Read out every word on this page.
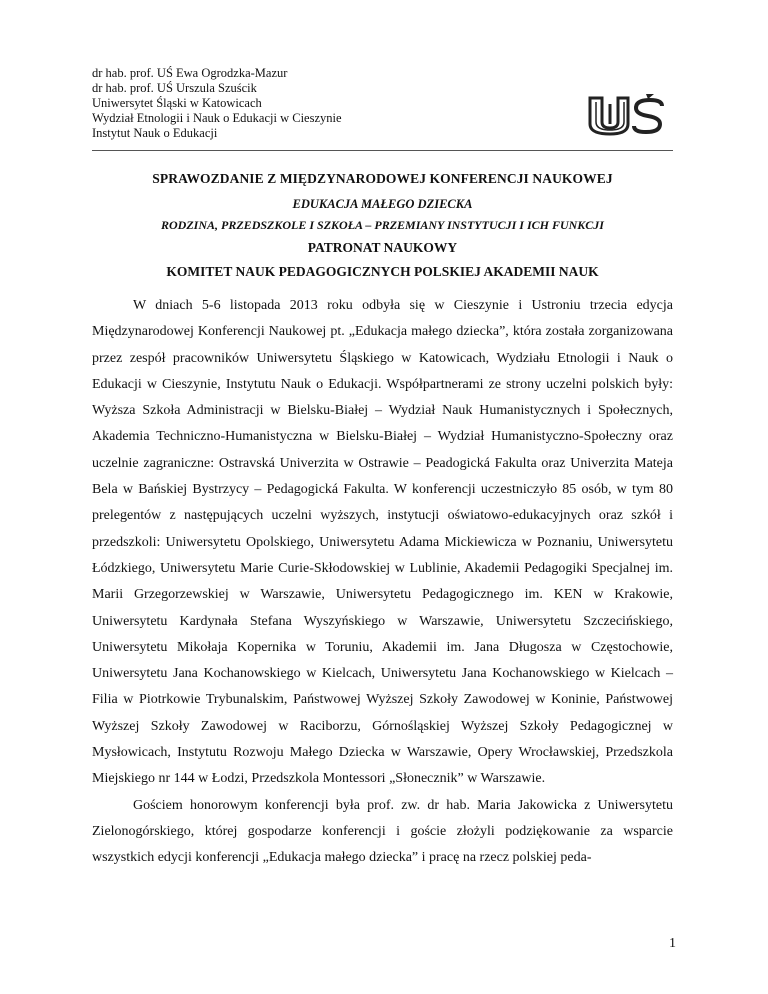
dr hab. prof. UŚ Ewa Ogrodzka-Mazur
dr hab. prof. UŚ Urszula Szuścik
Uniwersytet Śląski w Katowicach
Wydział Etnologii i Nauk o Edukacji w Cieszynie
Instytut Nauk o Edukacji
SPRAWOZDANIE Z MIĘDZYNARODOWEJ KONFERENCJI NAUKOWEJ
EDUKACJA MAŁEGO DZIECKA
RODZINA, PRZEDSZKOLE I SZKOŁA – PRZEMIANY INSTYTUCJI I ICH FUNKCJI
PATRONAT NAUKOWY
KOMITET NAUK PEDAGOGICZNYCH POLSKIEJ AKADEMII NAUK

W dniach 5-6 listopada 2013 roku odbyła się w Cieszynie i Ustroniu trzecia edycja Międzynarodowej Konferencji Naukowej pt. „Edukacja małego dziecka”, która została zorganizowana przez zespół pracowników Uniwersytetu Śląskiego w Katowicach, Wydziału Etnologii i Nauk o Edukacji w Cieszynie, Instytutu Nauk o Edukacji. Współpartnerami ze strony uczelni polskich były: Wyższa Szkoła Administracji w Bielsku-Białej – Wydział Nauk Humanistycznych i Społecznych, Akademia Techniczno-Humanistyczna w Bielsku-Białej – Wydział Humanistyczno-Społeczny oraz uczelnie zagraniczne: Ostravská Univerzita w Ostrawie – Peadogická Fakulta oraz Univerzita Mateja Bela w Bańskiej Bystrzycy – Pedagogická Fakulta. W konferencji uczestniczyło 85 osób, w tym 80 prelegentów z następujących uczelni wyższych, instytucji oświatowo-edukacyjnych oraz szkół i przedszkoli: Uniwersytetu Opolskiego, Uniwersytetu Adama Mickiewicza w Poznaniu, Uniwersytetu Łódzkiego, Uniwersytetu Marie Curie-Skłodowskiej w Lublinie, Akademii Pedagogiki Specjalnej im. Marii Grzegorzewskiej w Warszawie, Uniwersytetu Pedagogicznego im. KEN w Krakowie, Uniwersytetu Kardynała Stefana Wyszyńskiego w Warszawie, Uniwersytetu Szczecińskiego, Uniwersytetu Mikołaja Kopernika w Toruniu, Akademii im. Jana Długosza w Częstochowie, Uniwersytetu Jana Kochanowskiego w Kielcach, Uniwersytetu Jana Kochanowskiego w Kielcach – Filia w Piotrkowie Trybunalskim, Państwowej Wyższej Szkoły Zawodowej w Koninie, Państwowej Wyższej Szkoły Zawodowej w Raciborzu, Górnośląskiej Wyższej Szkoły Pedagogicznej w Mysłowicach, Instytutu Rozwoju Małego Dziecka w Warszawie, Opery Wrocławskiej, Przedszkola Miejskiego nr 144 w Łodzi, Przedszkola Montessori „Słonecznik” w Warszawie.

Gościem honorowym konferencji była prof. zw. dr hab. Maria Jakowicka z Uniwersytetu Zielonogórskiego, której gospodarze konferencji i goście złożyli podziękowanie za wsparcie wszystkich edycji konferencji „Edukacja małego dziecka” i pracę na rzecz polskiej peda-

1
